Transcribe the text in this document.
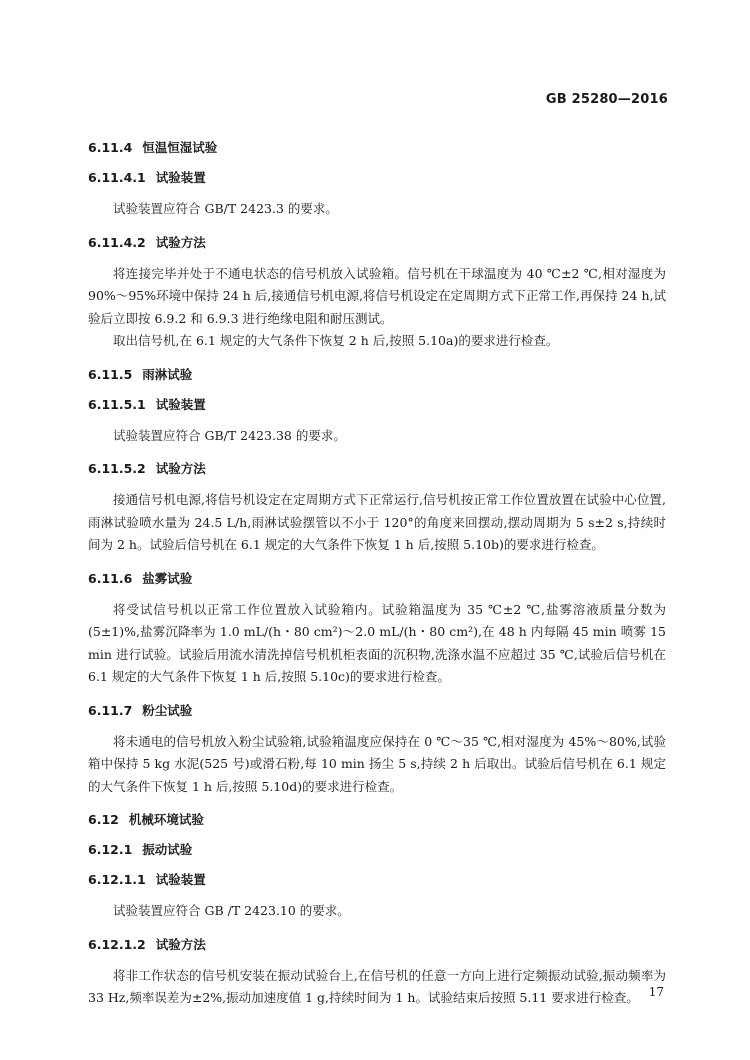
GB 25280—2016
6.11.4 恒温恒湿试验
6.11.4.1 试验装置

试验装置应符合 GB/T 2423.3 的要求。

6.11.4.2 试验方法

将连接完毕并处于不通电状态的信号机放入试验箱。信号机在干球温度为 40 ℃±2 ℃,相对湿度为 90%～95%环境中保持 24 h 后,接通信号机电源,将信号机设定在定周期方式下正常工作,再保持 24 h,试验后立即按 6.9.2 和 6.9.3 进行绝缘电阻和耐压测试。

取出信号机,在 6.1 规定的大气条件下恢复 2 h 后,按照 5.10a)的要求进行检查。

6.11.5 雨淋试验
6.11.5.1 试验装置

试验装置应符合 GB/T 2423.38 的要求。

6.11.5.2 试验方法

接通信号机电源,将信号机设定在定周期方式下正常运行,信号机按正常工作位置放置在试验中心位置,雨淋试验喷水量为 24.5 L/h,雨淋试验摆管以不小于 120°的角度来回摆动,摆动周期为 5 s±2 s,持续时间为 2 h。试验后信号机在 6.1 规定的大气条件下恢复 1 h 后,按照 5.10b)的要求进行检查。

6.11.6 盐雾试验

将受试信号机以正常工作位置放入试验箱内。试验箱温度为 35 ℃±2 ℃,盐雾溶液质量分数为(5±1)%,盐雾沉降率为 1.0 mL/(h・80 cm²)～2.0 mL/(h・80 cm²),在 48 h 内每隔 45 min 喷雾 15 min 进行试验。试验后用流水清洗掉信号机机柜表面的沉积物,洗涤水温不应超过 35 ℃,试验后信号机在 6.1 规定的大气条件下恢复 1 h 后,按照 5.10c)的要求进行检查。

6.11.7 粉尘试验

将未通电的信号机放入粉尘试验箱,试验箱温度应保持在 0 ℃～35 ℃,相对湿度为 45%～80%,试验箱中保持 5 kg 水泥(525 号)或滑石粉,每 10 min 扬尘 5 s,持续 2 h 后取出。试验后信号机在 6.1 规定的大气条件下恢复 1 h 后,按照 5.10d)的要求进行检查。

6.12 机械环境试验
6.12.1 振动试验
6.12.1.1 试验装置

试验装置应符合 GB /T 2423.10 的要求。

6.12.1.2 试验方法

将非工作状态的信号机安装在振动试验台上,在信号机的任意一方向上进行定频振动试验,振动频率为 33 Hz,频率误差为±2%,振动加速度值 1 g,持续时间为 1 h。试验结束后按照 5.11 要求进行检查。 17
